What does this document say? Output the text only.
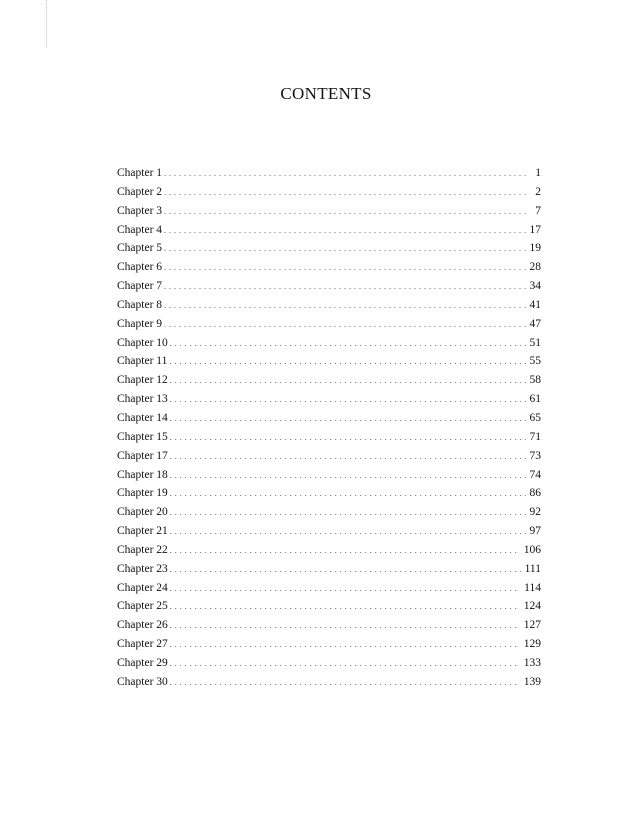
CONTENTS
Chapter 1 . . .	1
Chapter 2 . . .	2
Chapter 3 . . .	7
Chapter 4 . . .	17
Chapter 5 . . .	19
Chapter 6 . . .	28
Chapter 7 . . .	34
Chapter 8 . . .	41
Chapter 9 . . .	47
Chapter 10 . . .	51
Chapter 11 . . .	55
Chapter 12 . . .	58
Chapter 13 . . .	61
Chapter 14 . . .	65
Chapter 15 . . .	71
Chapter 17 . . .	73
Chapter 18 . . .	74
Chapter 19 . . .	86
Chapter 20 . . .	92
Chapter 21 . . .	97
Chapter 22 . . .	106
Chapter 23 . . .	111
Chapter 24 . . .	114
Chapter 25 . . .	124
Chapter 26 . . .	127
Chapter 27 . . .	129
Chapter 29 . . .	133
Chapter 30 . . .	139
